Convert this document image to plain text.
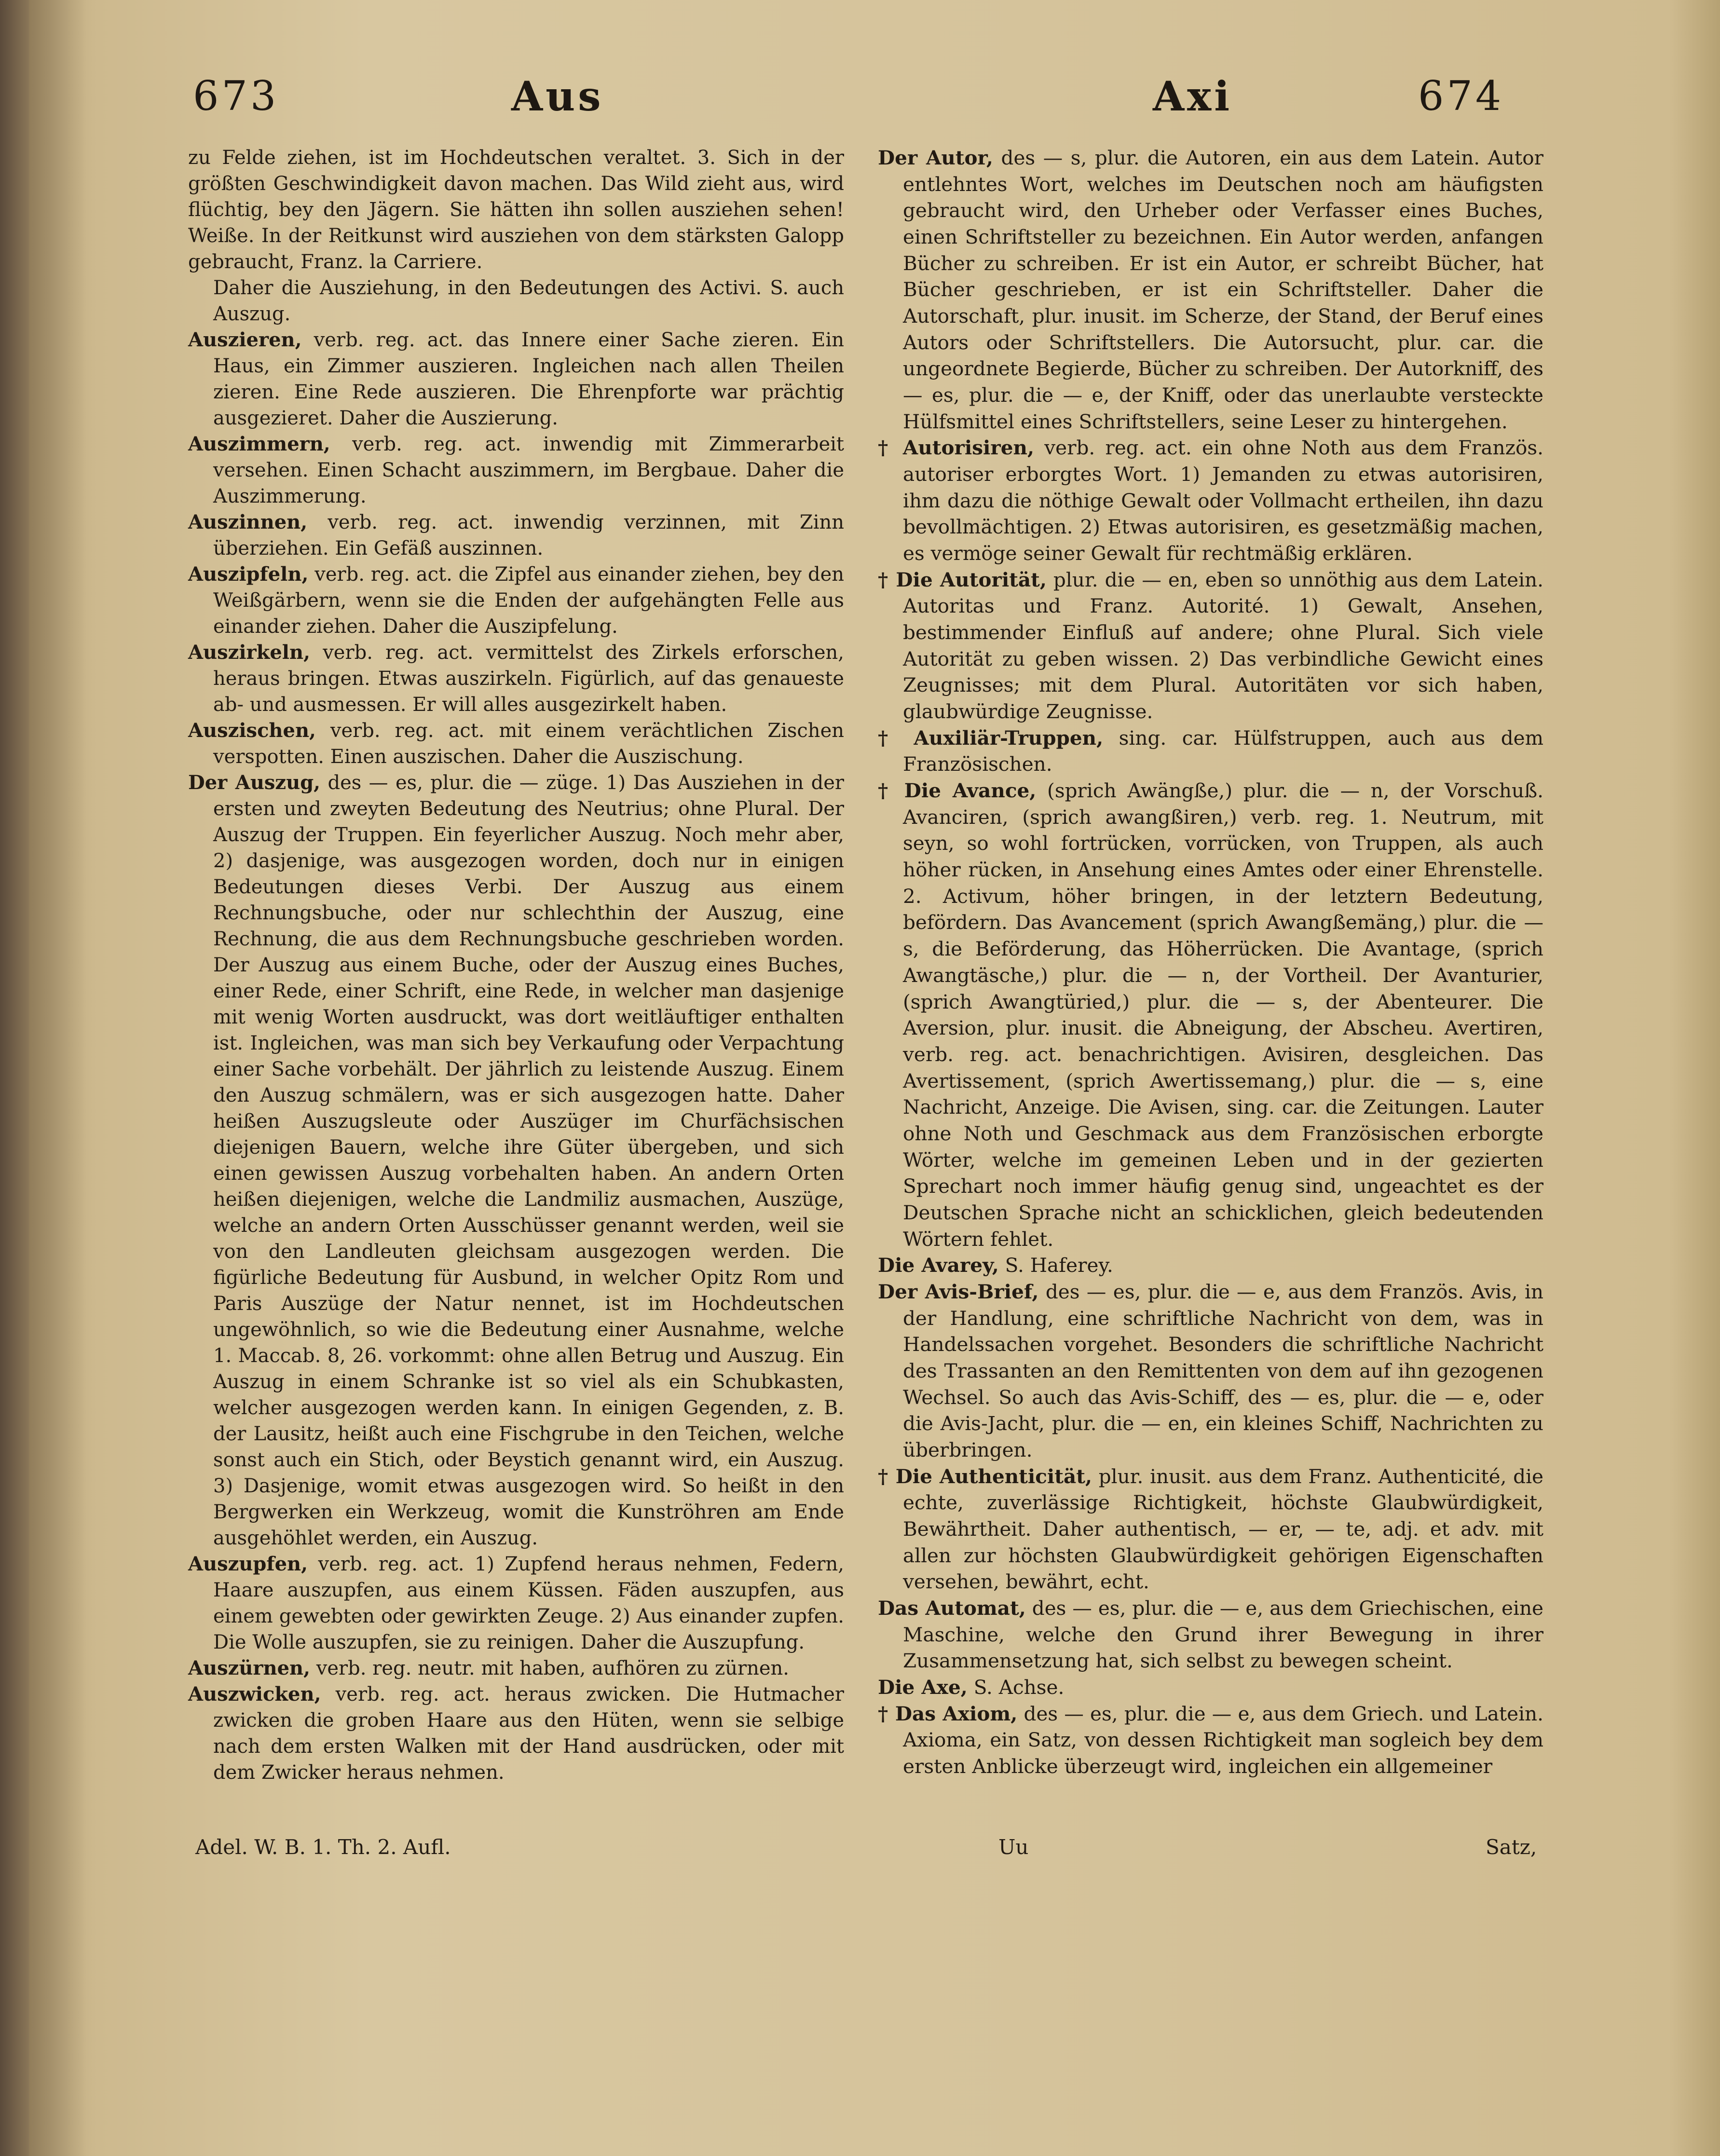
673	Aus	Axi	674

zu Felde ziehen, ist im Hochdeutschen veraltet. 3. Sich in der größten Geschwindigkeit davon machen. Das Wild zieht aus, wird flüchtig, bey den Jägern. Sie hätten ihn sollen ausziehen sehen! Weiße. In der Reitkunst wird ausziehen von dem stärksten Galopp gebraucht, Franz. la Carriere.

Daher die Ausziehung, in den Bedeutungen des Activi. S. auch Auszug.

Auszieren, verb. reg. act. das Innere einer Sache zieren. Ein Haus, ein Zimmer auszieren. Ingleichen nach allen Theilen zieren. Eine Rede auszieren. Die Ehrenpforte war prächtig ausgezieret. Daher die Auszierung.

Auszimmern, verb. reg. act. inwendig mit Zimmerarbeit versehen. Einen Schacht auszimmern, im Bergbaue. Daher die Auszimmerung.

Auszinnen, verb. reg. act. inwendig verzinnen, mit Zinn überziehen. Ein Gefäß auszinnen.

Auszipfeln, verb. reg. act. die Zipfel aus einander ziehen, bey den Weißgärbern, wenn sie die Enden der aufgehängten Felle aus einander ziehen. Daher die Auszipfelung.

Auszirkeln, verb. reg. act. vermittelst des Zirkels erforschen, heraus bringen. Etwas auszirkeln. Figürlich, auf das genaueste ab- und ausmessen. Er will alles ausgezirkelt haben.

Auszischen, verb. reg. act. mit einem verächtlichen Zischen verspotten. Einen auszischen. Daher die Auszischung.

Der Auszug, des — es, plur. die — züge. 1) Das Ausziehen in der ersten und zweyten Bedeutung des Neutrius; ohne Plural. Der Auszug der Truppen. Ein feyerlicher Auszug. Noch mehr aber, 2) dasjenige, was ausgezogen worden, doch nur in einigen Bedeutungen dieses Verbi. Der Auszug aus einem Rechnungsbuche, oder nur schlechthin der Auszug, eine Rechnung, die aus dem Rechnungsbuche geschrieben worden. Der Auszug aus einem Buche, oder der Auszug eines Buches, einer Rede, einer Schrift, eine Rede, in welcher man dasjenige mit wenig Worten ausdruckt, was dort weitläuftiger enthalten ist. Ingleichen, was man sich bey Verkaufung oder Verpachtung einer Sache vorbehält. Der jährlich zu leistende Auszug. Einem den Auszug schmälern, was er sich ausgezogen hatte. Daher heißen Auszugsleute oder Auszüger im Churfächsischen diejenigen Bauern, welche ihre Güter übergeben, und sich einen gewissen Auszug vorbehalten haben. An andern Orten heißen diejenigen, welche die Landmiliz ausmachen, Auszüge, welche an andern Orten Ausschüsser genannt werden, weil sie von den Landleuten gleichsam ausgezogen werden. Die figürliche Bedeutung für Ausbund, in welcher Opitz Rom und Paris Auszüge der Natur nennet, ist im Hochdeutschen ungewöhnlich, so wie die Bedeutung einer Ausnahme, welche 1. Maccab. 8, 26. vorkommt: ohne allen Betrug und Auszug. Ein Auszug in einem Schranke ist so viel als ein Schubkasten, welcher ausgezogen werden kann. In einigen Gegenden, z. B. der Lausitz, heißt auch eine Fischgrube in den Teichen, welche sonst auch ein Stich, oder Beystich genannt wird, ein Auszug. 3) Dasjenige, womit etwas ausgezogen wird. So heißt in den Bergwerken ein Werkzeug, womit die Kunströhren am Ende ausgehöhlet werden, ein Auszug.

Auszupfen, verb. reg. act. 1) Zupfend heraus nehmen, Federn, Haare auszupfen, aus einem Küssen. Fäden auszupfen, aus einem gewebten oder gewirkten Zeuge. 2) Aus einander zupfen. Die Wolle auszupfen, sie zu reinigen. Daher die Auszupfung.

Auszürnen, verb. reg. neutr. mit haben, aufhören zu zürnen.

Auszwicken, verb. reg. act. heraus zwicken. Die Hutmacher zwicken die groben Haare aus den Hüten, wenn sie selbige nach dem ersten Walken mit der Hand ausdrücken, oder mit dem Zwicker heraus nehmen.

Der Autor, des — s, plur. die Autoren, ein aus dem Latein. Autor entlehntes Wort, welches im Deutschen noch am häufigsten gebraucht wird, den Urheber oder Verfasser eines Buches, einen Schriftsteller zu bezeichnen. Ein Autor werden, anfangen Bücher zu schreiben. Er ist ein Autor, er schreibt Bücher, hat Bücher geschrieben, er ist ein Schriftsteller. Daher die Autorschaft, plur. inusit. im Scherze, der Stand, der Beruf eines Autors oder Schriftstellers. Die Autorsucht, plur. car. die ungeordnete Begierde, Bücher zu schreiben. Der Autorkniff, des — es, plur. die — e, der Kniff, oder das unerlaubte versteckte Hülfsmittel eines Schriftstellers, seine Leser zu hintergehen.

† Autorisiren, verb. reg. act. ein ohne Noth aus dem Französ. autoriser erborgtes Wort. 1) Jemanden zu etwas autorisiren, ihm dazu die nöthige Gewalt oder Vollmacht ertheilen, ihn dazu bevollmächtigen. 2) Etwas autorisiren, es gesetzmäßig machen, es vermöge seiner Gewalt für rechtmäßig erklären.

† Die Autorität, plur. die — en, eben so unnöthig aus dem Latein. Autoritas und Franz. Autorité. 1) Gewalt, Ansehen, bestimmender Einfluß auf andere; ohne Plural. Sich viele Autorität zu geben wissen. 2) Das verbindliche Gewicht eines Zeugnisses; mit dem Plural. Autoritäten vor sich haben, glaubwürdige Zeugnisse.

† Auxiliär-Truppen, sing. car. Hülfstruppen, auch aus dem Französischen.

† Die Avance, (sprich Awängße,) plur. die — n, der Vorschuß. Avanciren, (sprich awangßiren,) verb. reg. 1. Neutrum, mit seyn, so wohl fortrücken, vorrücken, von Truppen, als auch höher rücken, in Ansehung eines Amtes oder einer Ehrenstelle. 2. Activum, höher bringen, in der letztern Bedeutung, befördern. Das Avancement (sprich Awangßemäng,) plur. die — s, die Beförderung, das Höherrücken. Die Avantage, (sprich Awangtäsche,) plur. die — n, der Vortheil. Der Avanturier, (sprich Awangtüried,) plur. die — s, der Abenteurer. Die Aversion, plur. inusit. die Abneigung, der Abscheu. Avertiren, verb. reg. act. benachrichtigen. Avisiren, desgleichen. Das Avertissement, (sprich Awertissemang,) plur. die — s, eine Nachricht, Anzeige. Die Avisen, sing. car. die Zeitungen. Lauter ohne Noth und Geschmack aus dem Französischen erborgte Wörter, welche im gemeinen Leben und in der gezierten Sprechart noch immer häufig genug sind, ungeachtet es der Deutschen Sprache nicht an schicklichen, gleich bedeutenden Wörtern fehlet.

Die Avarey, S. Haferey.

Der Avis-Brief, des — es, plur. die — e, aus dem Französ. Avis, in der Handlung, eine schriftliche Nachricht von dem, was in Handelssachen vorgehet. Besonders die schriftliche Nachricht des Trassanten an den Remittenten von dem auf ihn gezogenen Wechsel. So auch das Avis-Schiff, des — es, plur. die — e, oder die Avis-Jacht, plur. die — en, ein kleines Schiff, Nachrichten zu überbringen.

† Die Authenticität, plur. inusit. aus dem Franz. Authenticité, die echte, zuverlässige Richtigkeit, höchste Glaubwürdigkeit, Bewährtheit. Daher authentisch, — er, — te, adj. et adv. mit allen zur höchsten Glaubwürdigkeit gehörigen Eigenschaften versehen, bewährt, echt.

Das Automat, des — es, plur. die — e, aus dem Griechischen, eine Maschine, welche den Grund ihrer Bewegung in ihrer Zusammensetzung hat, sich selbst zu bewegen scheint.

Die Axe, S. Achse.

† Das Axiom, des — es, plur. die — e, aus dem Griech. und Latein. Axioma, ein Satz, von dessen Richtigkeit man sogleich bey dem ersten Anblicke überzeugt wird, ingleichen ein allgemeiner

Adel. W. B. 1. Th. 2. Aufl.	Uu	Satz,
